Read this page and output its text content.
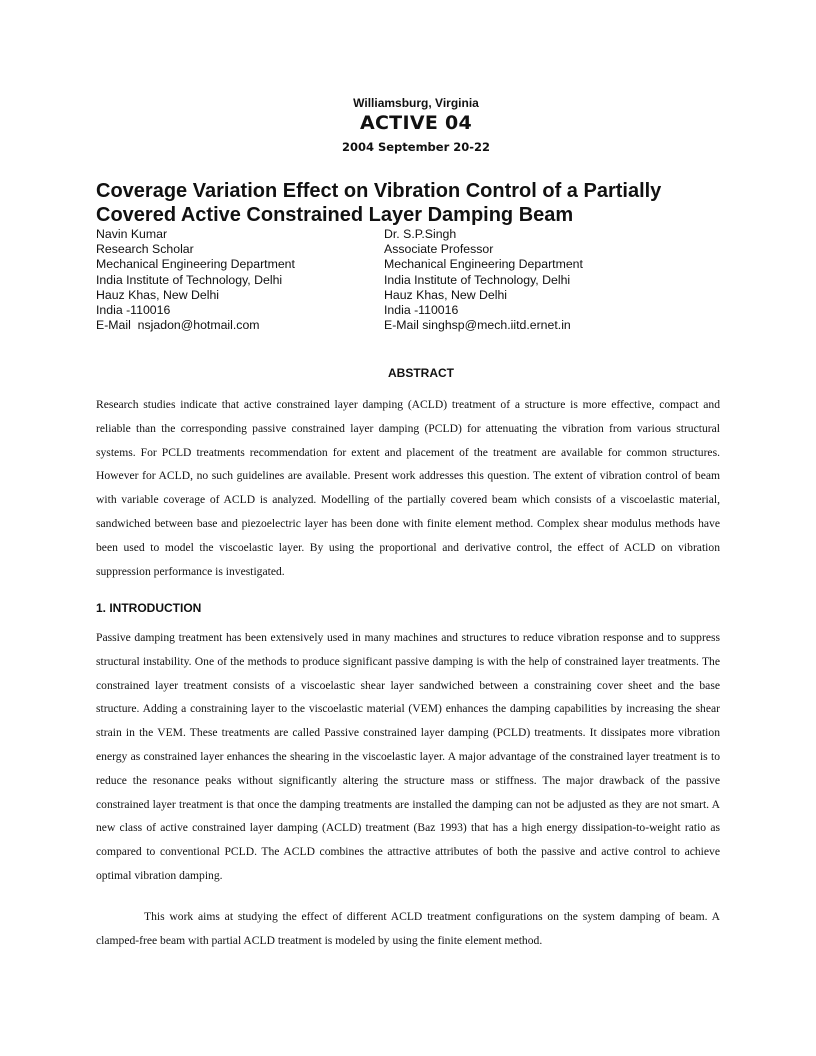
Williamsburg, Virginia
ACTIVE 04
2004 September 20-22
Coverage Variation Effect on Vibration Control of a Partially Covered Active Constrained Layer Damping Beam
Navin Kumar
Research Scholar
Mechanical Engineering Department
India Institute of Technology, Delhi
Hauz Khas, New Delhi
India -110016
E-Mail  nsjadon@hotmail.com
Dr. S.P.Singh
Associate Professor
Mechanical Engineering Department
India Institute of Technology, Delhi
Hauz Khas, New Delhi
India -110016
E-Mail singhsp@mech.iitd.ernet.in
ABSTRACT

Research studies indicate that active constrained layer damping (ACLD) treatment of a structure is more effective, compact and reliable than the corresponding passive constrained layer damping (PCLD) for attenuating the vibration from various structural systems. For PCLD treatments recommendation for extent and placement of the treatment are available for common structures. However for ACLD, no such guidelines are available. Present work addresses this question. The extent of vibration control of beam with variable coverage of ACLD is analyzed. Modelling of the partially covered beam which consists of a viscoelastic material, sandwiched between base and piezoelectric layer has been done with finite element method. Complex shear modulus methods have been used to model the viscoelastic layer. By using the proportional and derivative control, the effect of ACLD on vibration suppression performance is investigated.

1. INTRODUCTION

Passive damping treatment has been extensively used in many machines and structures to reduce vibration response and to suppress structural instability. One of the methods to produce significant passive damping is with the help of constrained layer treatments. The constrained layer treatment consists of a viscoelastic shear layer sandwiched between a constraining cover sheet and the base structure. Adding a constraining layer to the viscoelastic material (VEM) enhances the damping capabilities by increasing the shear strain in the VEM. These treatments are called Passive constrained layer damping (PCLD) treatments. It dissipates more vibration energy as constrained layer enhances the shearing in the viscoelastic layer. A major advantage of the constrained layer treatment is to reduce the resonance peaks without significantly altering the structure mass or stiffness. The major drawback of the passive constrained layer treatment is that once the damping treatments are installed the damping can not be adjusted as they are not smart. A new class of active constrained layer damping (ACLD) treatment (Baz 1993) that has a high energy dissipation-to-weight ratio as compared to conventional PCLD. The ACLD combines the attractive attributes of both the passive and active control to achieve optimal vibration damping.

This work aims at studying the effect of different ACLD treatment configurations on the system damping of beam. A clamped-free beam with partial ACLD treatment is modeled by using the finite element method.
